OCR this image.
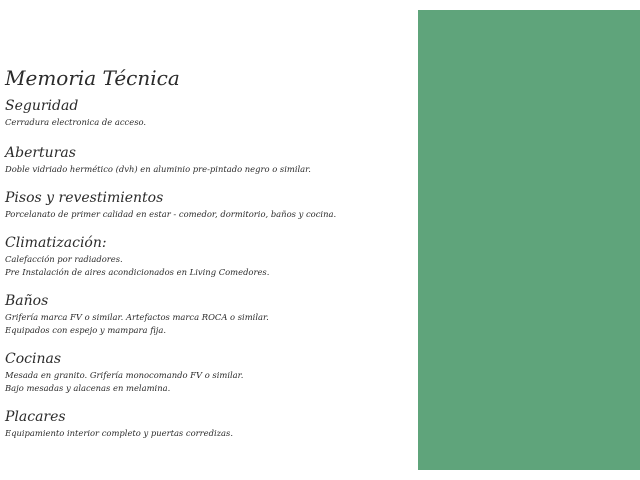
Memoria Técnica
Seguridad

Cerradura electronica de acceso.

Aberturas

Doble vidriado hermético (dvh) en aluminio pre-pintado negro o similar.

Pisos y revestimientos

Porcelanato de primer calidad en estar - comedor, dormitorio, baños y cocina.

Climatización:

Calefacción por radiadores.

Pre Instalación de aires acondicionados en Living Comedores.

Baños

Grifería marca FV o similar. Artefactos marca ROCA o similar.

Equipados con espejo y mampara fija.

Cocinas

Mesada en granito. Grifería monocomando FV o similar.

Bajo mesadas y alacenas en melamina.

Placares

Equipamiento interior completo y puertas corredizas.
